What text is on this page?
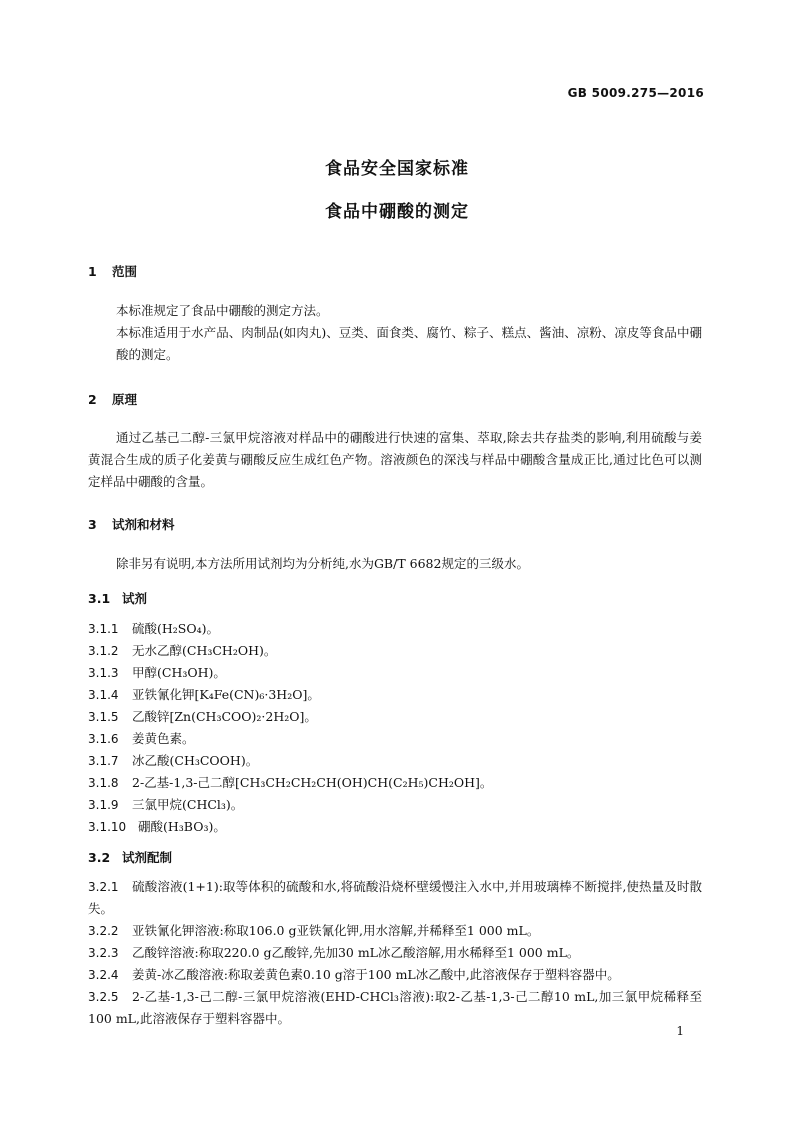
GB 5009.275—2016
食品安全国家标准
食品中硼酸的测定
1 范围
本标准规定了食品中硼酸的测定方法。
本标准适用于水产品、肉制品(如肉丸)、豆类、面食类、腐竹、粽子、糕点、酱油、凉粉、凉皮等食品中硼酸的测定。
2 原理
通过乙基己二醇-三氯甲烷溶液对样品中的硼酸进行快速的富集、萃取,除去共存盐类的影响,利用硫酸与姜黄混合生成的质子化姜黄与硼酸反应生成红色产物。溶液颜色的深浅与样品中硼酸含量成正比,通过比色可以测定样品中硼酸的含量。
3 试剂和材料
除非另有说明,本方法所用试剂均为分析纯,水为GB/T 6682规定的三级水。
3.1 试剂
3.1.1 硫酸(H₂SO₄)。
3.1.2 无水乙醇(CH₃CH₂OH)。
3.1.3 甲醇(CH₃OH)。
3.1.4 亚铁氰化钾[K₄Fe(CN)₆·3H₂O]。
3.1.5 乙酸锌[Zn(CH₃COO)₂·2H₂O]。
3.1.6 姜黄色素。
3.1.7 冰乙酸(CH₃COOH)。
3.1.8 2-乙基-1,3-己二醇[CH₃CH₂CH₂CH(OH)CH(C₂H₅)CH₂OH]。
3.1.9 三氯甲烷(CHCl₃)。
3.1.10 硼酸(H₃BO₃)。
3.2 试剂配制
3.2.1 硫酸溶液(1+1):取等体积的硫酸和水,将硫酸沿烧杯壁缓慢注入水中,并用玻璃棒不断搅拌,使热量及时散失。
3.2.2 亚铁氰化钾溶液:称取106.0 g亚铁氰化钾,用水溶解,并稀释至1 000 mL。
3.2.3 乙酸锌溶液:称取220.0 g乙酸锌,先加30 mL冰乙酸溶解,用水稀释至1 000 mL。
3.2.4 姜黄-冰乙酸溶液:称取姜黄色素0.10 g溶于100 mL冰乙酸中,此溶液保存于塑料容器中。
3.2.5 2-乙基-1,3-己二醇-三氯甲烷溶液(EHD-CHCl₃溶液):取2-乙基-1,3-己二醇10 mL,加三氯甲烷稀释至100 mL,此溶液保存于塑料容器中。
1
